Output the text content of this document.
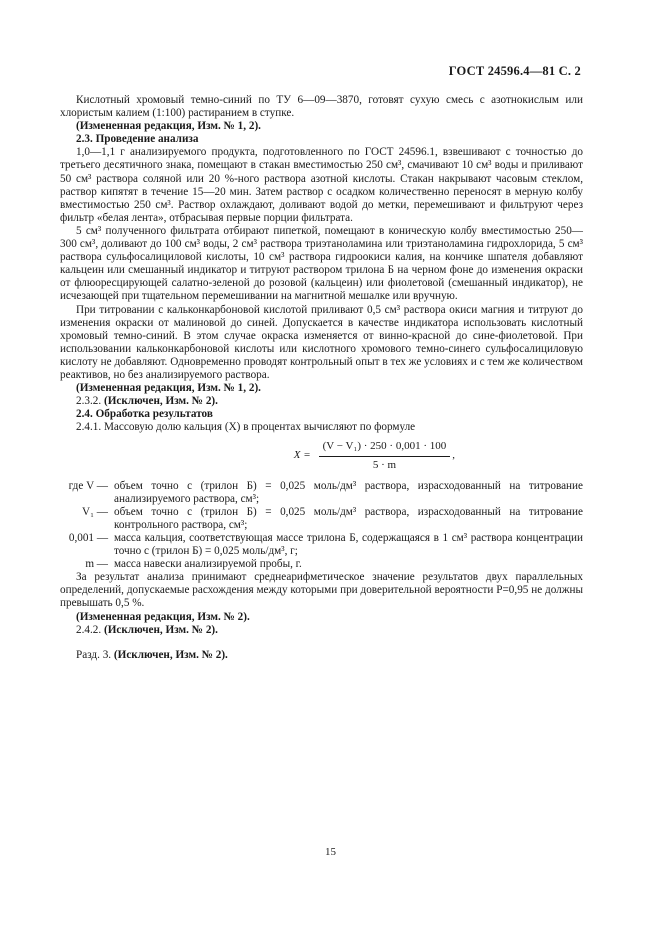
ГОСТ 24596.4—81 С. 2

Кислотный хромовый темно-синий по ТУ 6—09—3870, готовят сухую смесь с азотнокислым или хлористым калием (1:100) растиранием в ступке.

(Измененная редакция, Изм. № 1, 2).

2.3. Проведение анализа

1,0—1,1 г анализируемого продукта, подготовленного по ГОСТ 24596.1, взвешивают с точностью до третьего десятичного знака, помещают в стакан вместимостью 250 см³, смачивают 10 см³ воды и приливают 50 см³ раствора соляной или 20 %-ного раствора азотной кислоты. Стакан накрывают часовым стеклом, раствор кипятят в течение 15—20 мин. Затем раствор с осадком количественно переносят в мерную колбу вместимостью 250 см³. Раствор охлаждают, доливают водой до метки, перемешивают и фильтруют через фильтр «белая лента», отбрасывая первые порции фильтрата.

5 см³ полученного фильтрата отбирают пипеткой, помещают в коническую колбу вместимостью 250—300 см³, доливают до 100 см³ воды, 2 см³ раствора триэтаноламина или триэтаноламина гидрохлорида, 5 см³ раствора сульфосалициловой кислоты, 10 см³ раствора гидроокиси калия, на кончике шпателя добавляют кальцеин или смешанный индикатор и титруют раствором трилона Б на черном фоне до изменения окраски от флюоресцирующей салатно-зеленой до розовой (кальцеин) или фиолетовой (смешанный индикатор), не исчезающей при тщательном перемешивании на магнитной мешалке или вручную.

При титровании с кальконкарбоновой кислотой приливают 0,5 см³ раствора окиси магния и титруют до изменения окраски от малиновой до синей. Допускается в качестве индикатора использовать кислотный хромовый темно-синий. В этом случае окраска изменяется от винно-красной до сине-фиолетовой. При использовании кальконкарбоновой кислоты или кислотного хромового темно-синего сульфосалициловую кислоту не добавляют. Одновременно проводят контрольный опыт в тех же условиях и с тем же количеством реактивов, но без анализируемого раствора.

(Измененная редакция, Изм. № 1, 2).

2.3.2. (Исключен, Изм. № 2).

2.4. Обработка результатов

2.4.1. Массовую долю кальция (X) в процентах вычисляют по формуле

$X = \frac{\text{(V − V₁) · 250 · 0,001 · 100}}{5 \cdot m}$ ,
где V — объем точно c (трилон Б) = 0,025 моль/дм³ раствора, израсходованный на титрование анализируемого раствора, см³;
V₁ — объем точно c (трилон Б) = 0,025 моль/дм³ раствора, израсходованный на титрование контрольного раствора, см³;
0,001 — масса кальция, соответствующая массе трилона Б, содержащаяся в 1 см³ раствора концентрации точно c (трилон Б) = 0,025 моль/дм³, г;
m — масса навески анализируемой пробы, г.

За результат анализа принимают среднеарифметическое значение результатов двух параллельных определений, допускаемые расхождения между которыми при доверительной вероятности P=0,95 не должны превышать 0,5 %.

(Измененная редакция, Изм. № 2).

2.4.2. (Исключен, Изм. № 2).

Разд. 3. (Исключен, Изм. № 2).

15
